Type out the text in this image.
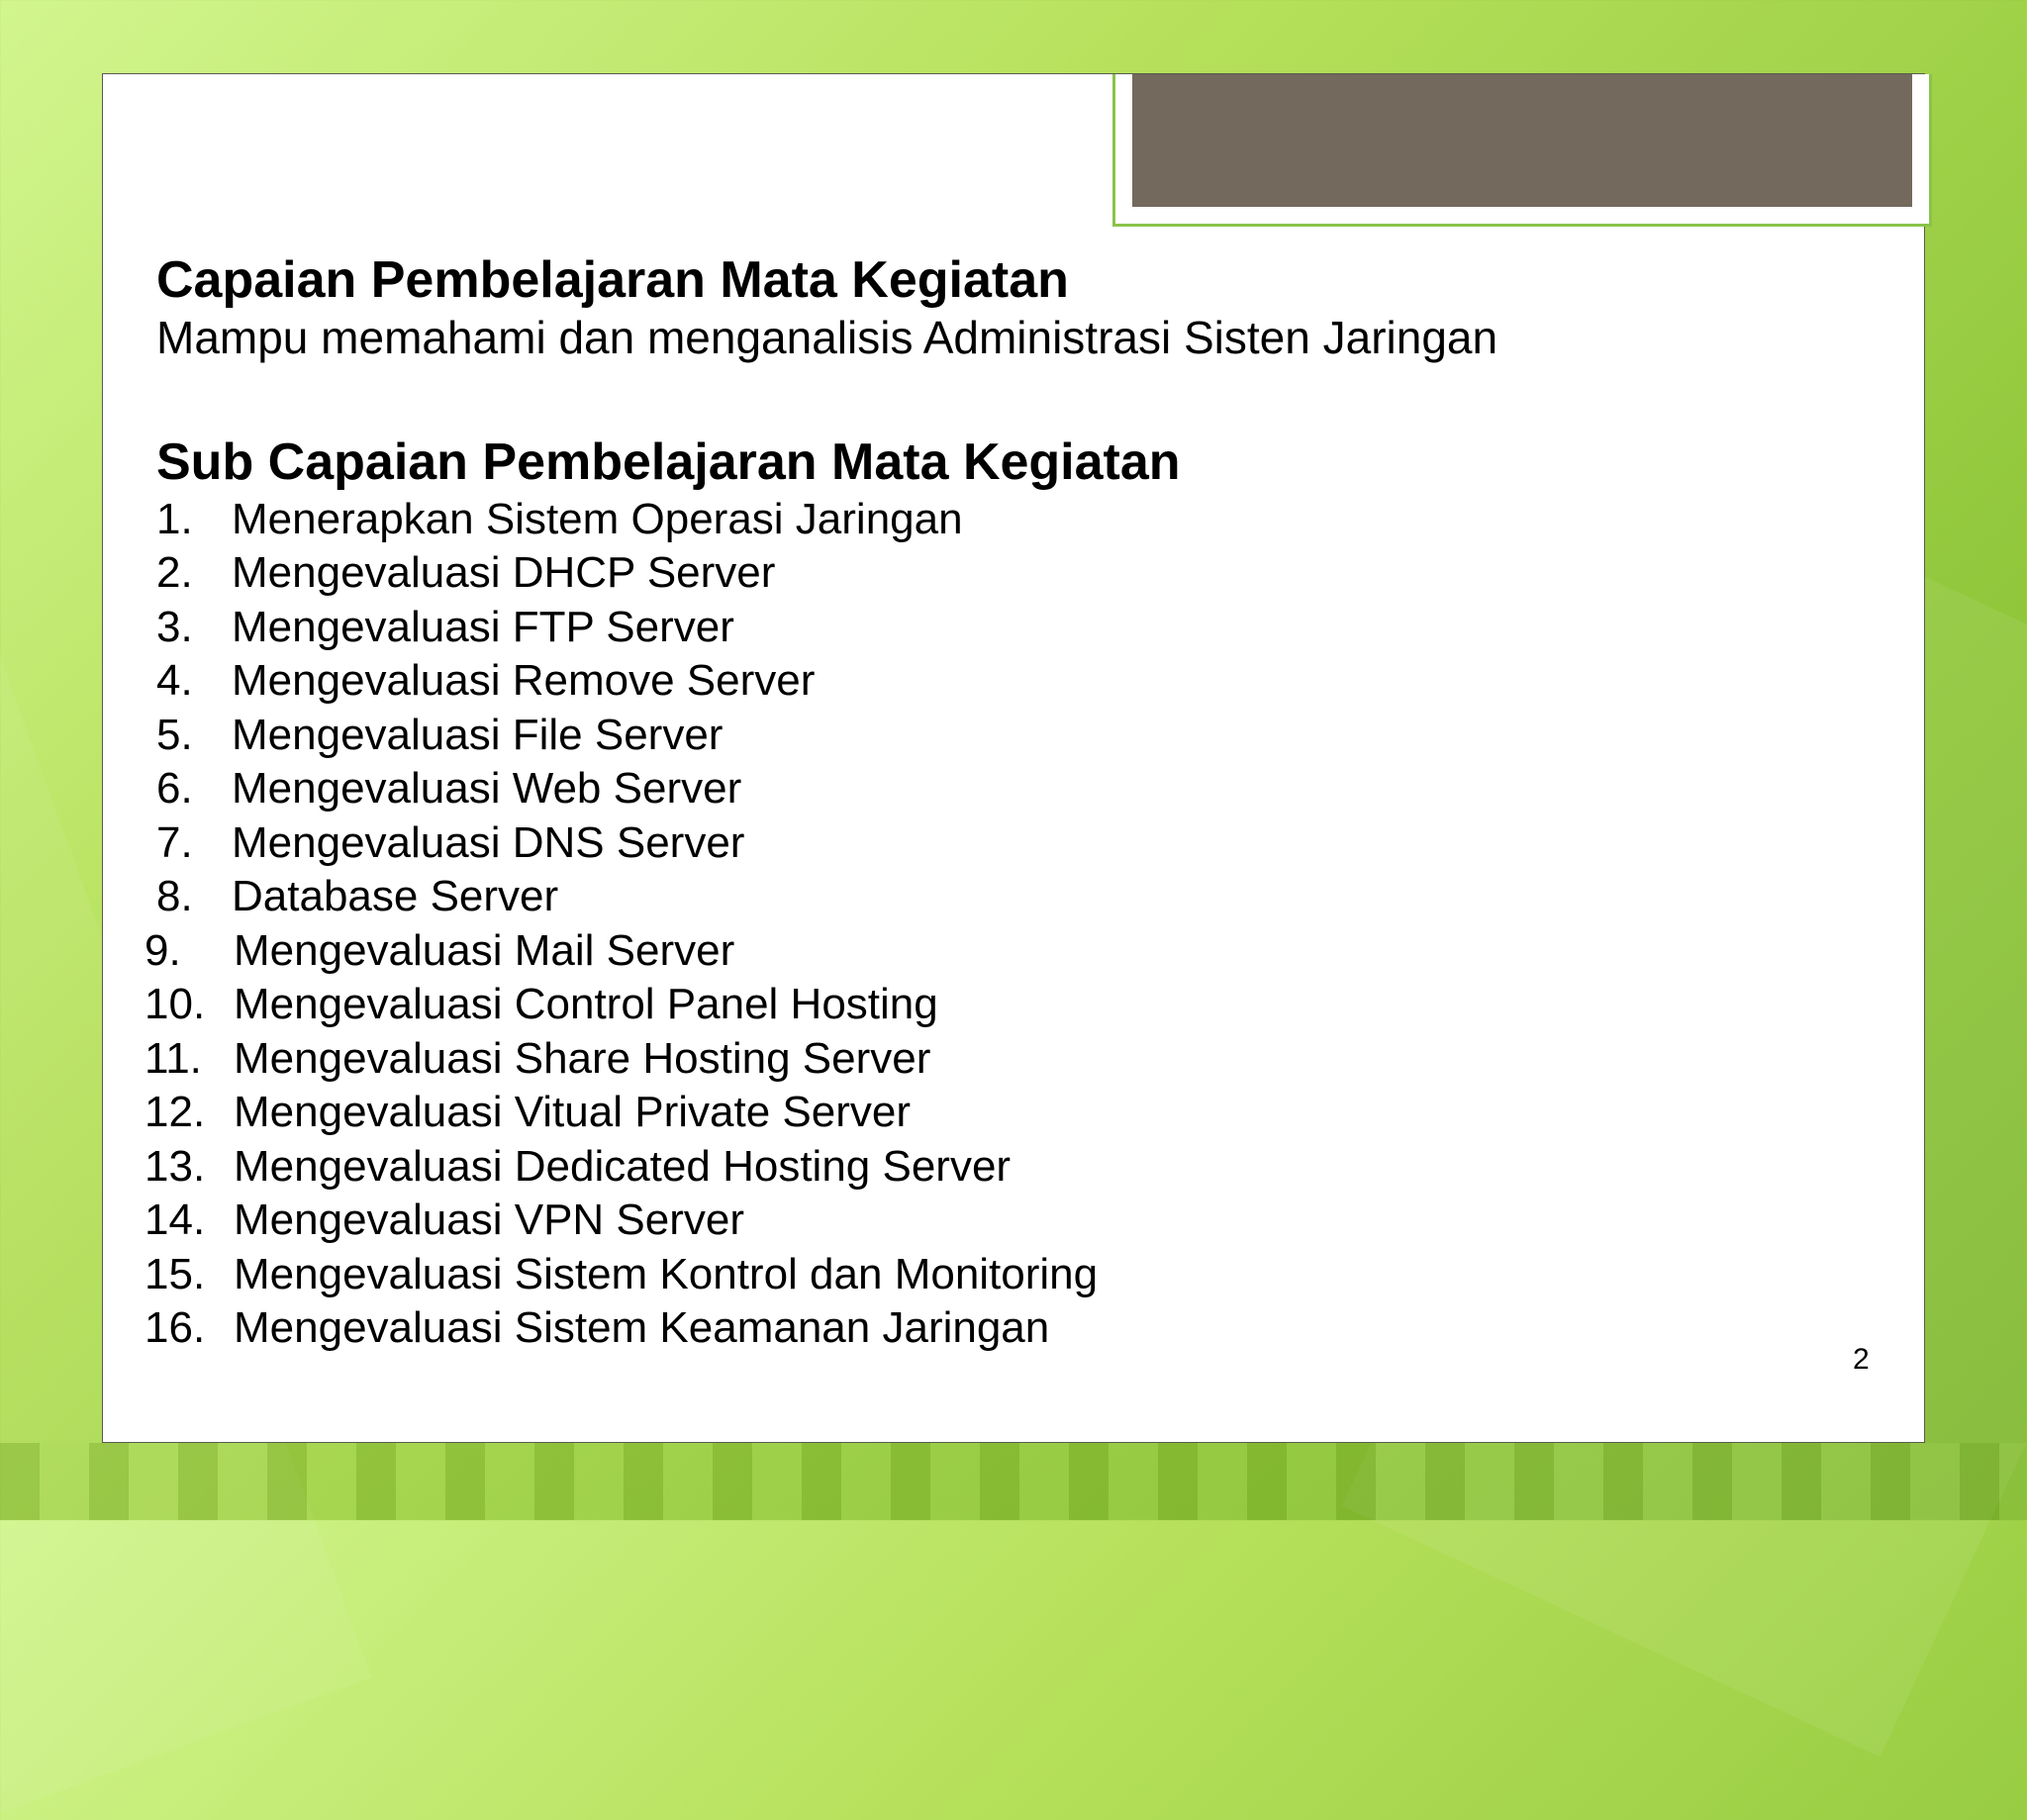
Capaian Pembelajaran Mata Kegiatan

Mampu memahami dan menganalisis Administrasi Sisten Jaringan

Sub Capaian Pembelajaran Mata Kegiatan

1. Menerapkan Sistem Operasi Jaringan
2. Mengevaluasi DHCP Server
3. Mengevaluasi FTP Server
4. Mengevaluasi Remove Server
5. Mengevaluasi File Server
6. Mengevaluasi Web Server
7. Mengevaluasi DNS Server
8. Database Server
9.	Mengevaluasi Mail Server
10. Mengevaluasi Control Panel Hosting
11. Mengevaluasi Share Hosting Server
12. Mengevaluasi Vitual Private Server
13. Mengevaluasi Dedicated Hosting Server
14. Mengevaluasi VPN Server
15. Mengevaluasi Sistem Kontrol dan Monitoring
16. Mengevaluasi Sistem Keamanan Jaringan
2
